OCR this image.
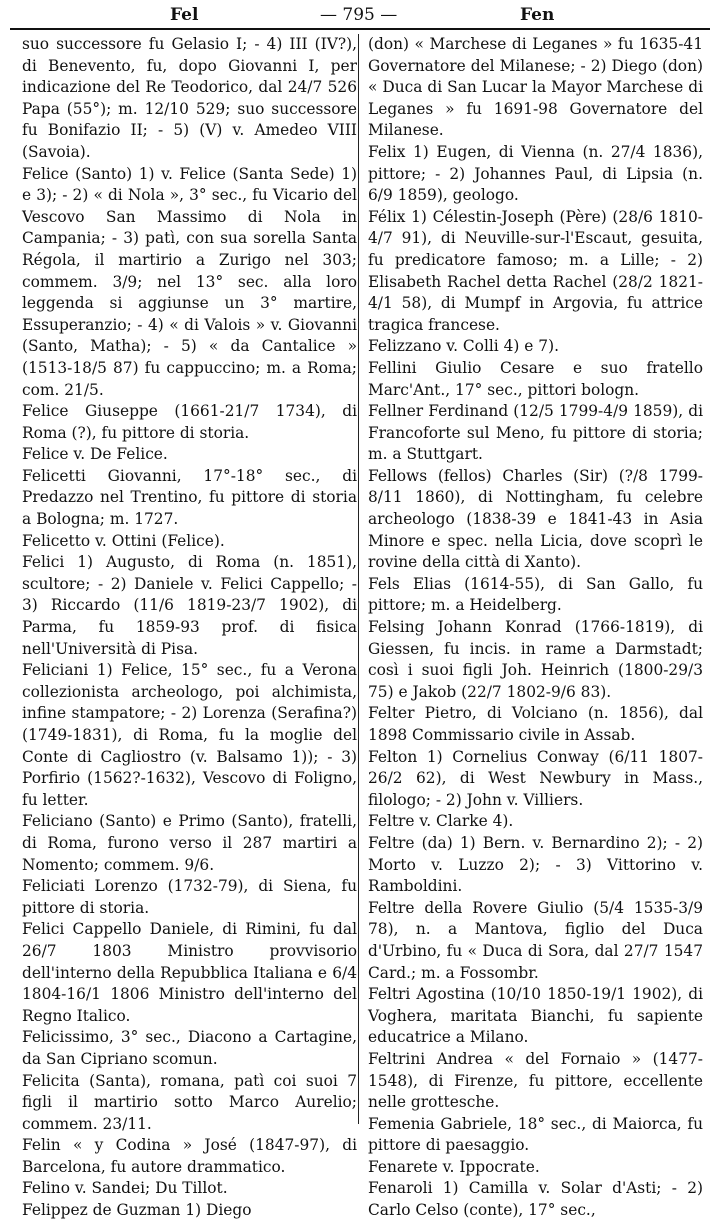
Fel	— 795 —	Fen

suo successore fu Gelasio I; - 4) III (IV?), di Benevento, fu, dopo Giovanni I, per indicazione del Re Teodorico, dal 24/7 526 Papa (55°); m. 12/10 529; suo successore fu Bonifazio II; - 5) (V) v. Amedeo VIII (Savoia).

Felice (Santo) 1) v. Felice (Santa Sede) 1) e 3); - 2) « di Nola », 3° sec., fu Vicario del Vescovo San Massimo di Nola in Campania; - 3) patì, con sua sorella Santa Régola, il martirio a Zurigo nel 303; commem. 3/9; nel 13° sec. alla loro leggenda si aggiunse un 3° martire, Essuperanzio; - 4) « di Valois » v. Giovanni (Santo, Matha); - 5) « da Cantalice » (1513-18/5 87) fu cappuccino; m. a Roma; com. 21/5.

Felice Giuseppe (1661-21/7 1734), di Roma (?), fu pittore di storia.

Felice v. De Felice.

Felicetti Giovanni, 17°-18° sec., di Predazzo nel Trentino, fu pittore di storia a Bologna; m. 1727.

Felicetto v. Ottini (Felice).

Felici 1) Augusto, di Roma (n. 1851), scultore; - 2) Daniele v. Felici Cappello; - 3) Riccardo (11/6 1819-23/7 1902), di Parma, fu 1859-93 prof. di fisica nell'Università di Pisa.

Feliciani 1) Felice, 15° sec., fu a Verona collezionista archeologo, poi alchimista, infine stampatore; - 2) Lorenza (Serafina?) (1749-1831), di Roma, fu la moglie del Conte di Cagliostro (v. Balsamo 1)); - 3) Porfirio (1562?-1632), Vescovo di Foligno, fu letter.

Feliciano (Santo) e Primo (Santo), fratelli, di Roma, furono verso il 287 martiri a Nomento; commem. 9/6.

Feliciati Lorenzo (1732-79), di Siena, fu pittore di storia.

Felici Cappello Daniele, di Rimini, fu dal 26/7 1803 Ministro provvisorio dell'interno della Repubblica Italiana e 6/4 1804-16/1 1806 Ministro dell'interno del Regno Italico.

Felicissimo, 3° sec., Diacono a Cartagine, da San Cipriano scomun.

Felicita (Santa), romana, patì coi suoi 7 figli il martirio sotto Marco Aurelio; commem. 23/11.

Felin « y Codina » José (1847-97), di Barcelona, fu autore drammatico.

Felino v. Sandei; Du Tillot.

Felippez de Guzman 1) Diego

(don) « Marchese di Leganes » fu 1635-41 Governatore del Milanese; - 2) Diego (don) « Duca di San Lucar la Mayor Marchese di Leganes » fu 1691-98 Governatore del Milanese.

Felix 1) Eugen, di Vienna (n. 27/4 1836), pittore; - 2) Johannes Paul, di Lipsia (n. 6/9 1859), geologo.

Félix 1) Célestin-Joseph (Père) (28/6 1810-4/7 91), di Neuville-sur-l'Escaut, gesuita, fu predicatore famoso; m. a Lille; - 2) Elisabeth Rachel detta Rachel (28/2 1821-4/1 58), di Mumpf in Argovia, fu attrice tragica francese.

Felizzano v. Colli 4) e 7).

Fellini Giulio Cesare e suo fratello Marc'Ant., 17° sec., pittori bologn.

Fellner Ferdinand (12/5 1799-4/9 1859), di Francoforte sul Meno, fu pittore di storia; m. a Stuttgart.

Fellows (fellos) Charles (Sir) (?/8 1799-8/11 1860), di Nottingham, fu celebre archeologo (1838-39 e 1841-43 in Asia Minore e spec. nella Licia, dove scoprì le rovine della città di Xanto).

Fels Elias (1614-55), di San Gallo, fu pittore; m. a Heidelberg.

Felsing Johann Konrad (1766-1819), di Giessen, fu incis. in rame a Darmstadt; così i suoi figli Joh. Heinrich (1800-29/3 75) e Jakob (22/7 1802-9/6 83).

Felter Pietro, di Volciano (n. 1856), dal 1898 Commissario civile in Assab.

Felton 1) Cornelius Conway (6/11 1807-26/2 62), di West Newbury in Mass., filologo; - 2) John v. Villiers.

Feltre v. Clarke 4).

Feltre (da) 1) Bern. v. Bernardino 2); - 2) Morto v. Luzzo 2); - 3) Vittorino v. Ramboldini.

Feltre della Rovere Giulio (5/4 1535-3/9 78), n. a Mantova, figlio del Duca d'Urbino, fu « Duca di Sora, dal 27/7 1547 Card.; m. a Fossombr.

Feltri Agostina (10/10 1850-19/1 1902), di Voghera, maritata Bianchi, fu sapiente educatrice a Milano.

Feltrini Andrea « del Fornaio » (1477-1548), di Firenze, fu pittore, eccellente nelle grottesche.

Femenia Gabriele, 18° sec., di Maiorca, fu pittore di paesaggio.

Fenarete v. Ippocrate.

Fenaroli 1) Camilla v. Solar d'Asti; - 2) Carlo Celso (conte), 17° sec.,
